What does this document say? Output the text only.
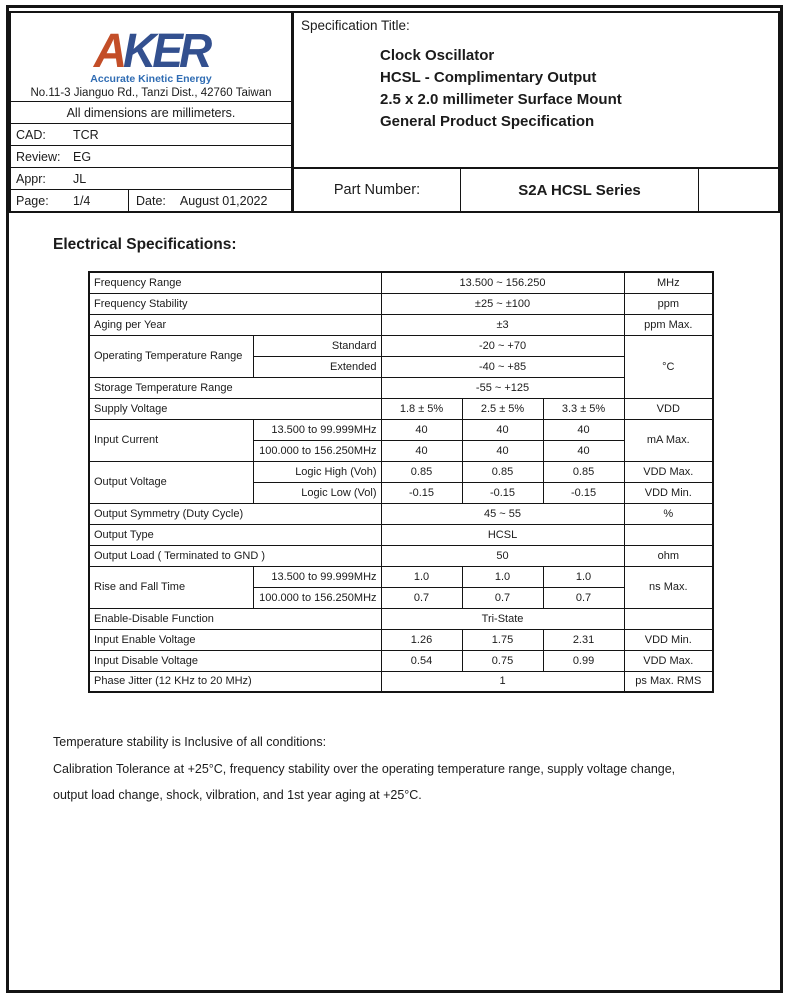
AKER
Accurate Kinetic Energy
No.11-3 Jianguo Rd., Tanzi Dist., 42760 Taiwan
All dimensions are millimeters.
CAD:	TCR
Review:	EG
Appr:	JL
Page:	1/4	Date:	August 01,2022
Specification Title:
Clock Oscillator
HCSL - Complimentary Output
2.5 x 2.0 millimeter Surface Mount
General Product Specification
Part Number:	S2A HCSL Series
Electrical Specifications:
Frequency Range		13.500 ~ 156.250			MHz
Frequency Stability		±25 ~ ±100			ppm
Aging per Year		±3			ppm Max.
Operating Temperature Range	Standard	-20 ~ +70			°C
	Extended	-40 ~ +85			
Storage Temperature Range		-55 ~ +125			
Supply Voltage		1.8 ± 5%	2.5 ± 5%	3.3 ± 5%	VDD
Input Current	13.500 to 99.999MHz	40	40	40	mA Max.
	100.000 to 156.250MHz	40	40	40	
Output Voltage	Logic High (Voh)	0.85	0.85	0.85	VDD Max.
	Logic Low (Vol)	-0.15	-0.15	-0.15	VDD Min.
Output Symmetry (Duty Cycle)		45 ~ 55			%
Output Type		HCSL			
Output Load ( Terminated to GND )		50			ohm
Rise and Fall Time	13.500 to 99.999MHz	1.0	1.0	1.0	ns Max.
	100.000 to 156.250MHz	0.7	0.7	0.7	
Enable-Disable Function		Tri-State			
Input Enable Voltage		1.26	1.75	2.31	VDD Min.
Input Disable Voltage		0.54	0.75	0.99	VDD Max.
Phase Jitter (12 KHz to 20 MHz)		1			ps Max. RMS
Temperature stability is Inclusive of all conditions:
Calibration Tolerance at +25°C, frequency stability over the operating temperature range, supply voltage change,
output load change, shock, vilbration, and 1st year aging at +25°C.
